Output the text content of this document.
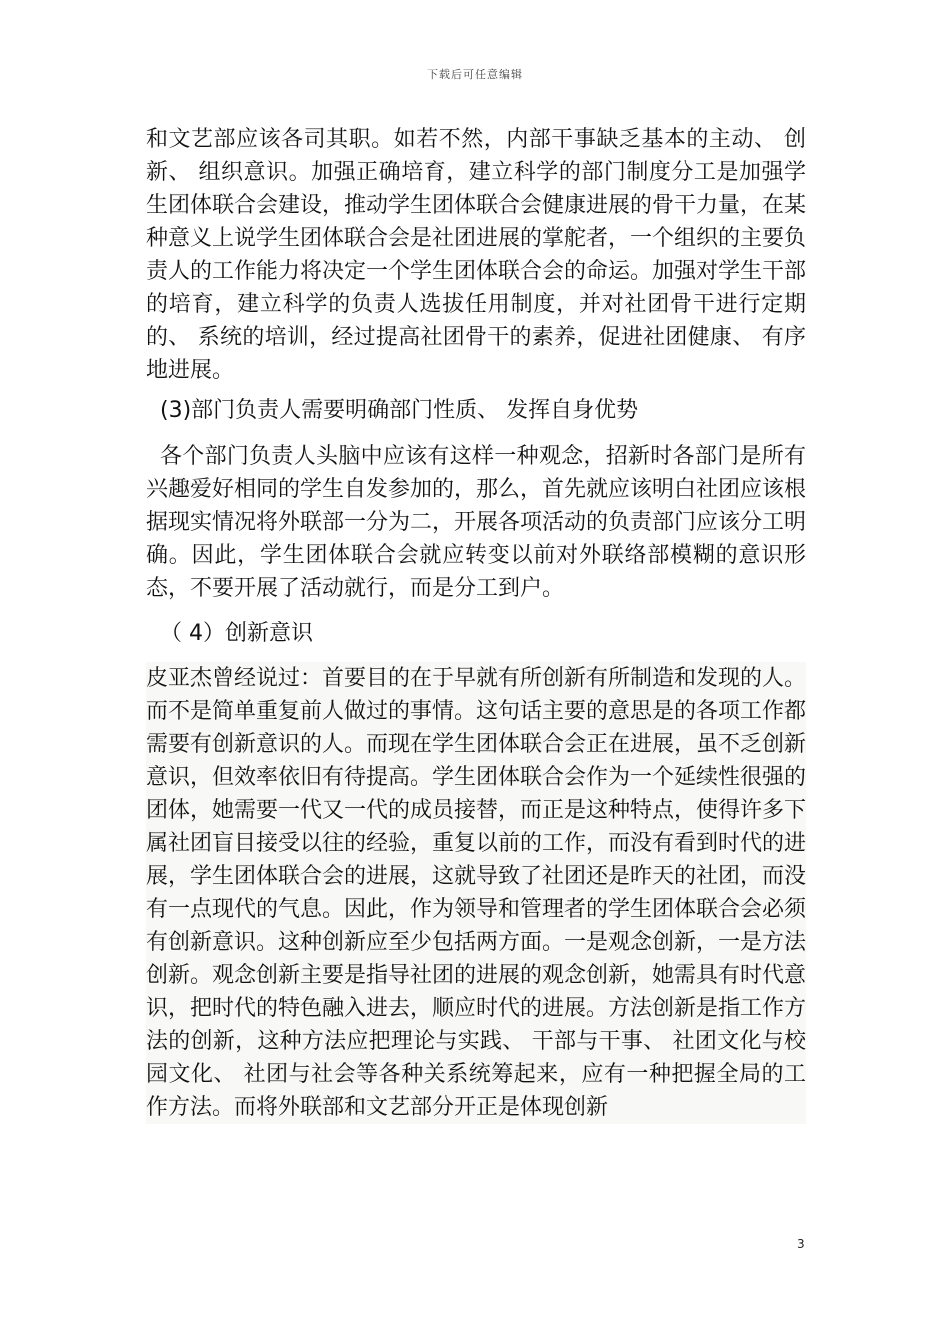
下载后可任意编辑

和文艺部应该各司其职。如若不然，内部干事缺乏基本的主动、 创新、 组织意识。加强正确培育，建立科学的部门制度分工是加强学生团体联合会建设，推动学生团体联合会健康进展的骨干力量，在某种意义上说学生团体联合会是社团进展的掌舵者，一个组织的主要负责人的工作能力将决定一个学生团体联合会的命运。加强对学生干部的培育，建立科学的负责人选拔任用制度，并对社团骨干进行定期的、 系统的培训，经过提高社团骨干的素养，促进社团健康、 有序地进展。

(3)部门负责人需要明确部门性质、 发挥自身优势

各个部门负责人头脑中应该有这样一种观念，招新时各部门是所有兴趣爱好相同的学生自发参加的，那么，首先就应该明白社团应该根据现实情况将外联部一分为二，开展各项活动的负责部门应该分工明确。因此，学生团体联合会就应转变以前对外联络部模糊的意识形态，不要开展了活动就行，而是分工到户。

（ 4）创新意识

皮亚杰曾经说过：首要目的在于早就有所创新有所制造和发现的人。而不是简单重复前人做过的事情。这句话主要的意思是的各项工作都需要有创新意识的人。而现在学生团体联合会正在进展，虽不乏创新意识，但效率依旧有待提高。学生团体联合会作为一个延续性很强的团体，她需要一代又一代的成员接替，而正是这种特点，使得许多下属社团盲目接受以往的经验，重复以前的工作，而没有看到时代的进展，学生团体联合会的进展，这就导致了社团还是昨天的社团，而没有一点现代的气息。因此，作为领导和管理者的学生团体联合会必须有创新意识。这种创新应至少包括两方面。一是观念创新，一是方法创新。观念创新主要是指导社团的进展的观念创新，她需具有时代意识，把时代的特色融入进去，顺应时代的进展。方法创新是指工作方法的创新，这种方法应把理论与实践、 干部与干事、 社团文化与校园文化、 社团与社会等各种关系统筹起来，应有一种把握全局的工作方法。而将外联部和文艺部分开正是体现创新

3
